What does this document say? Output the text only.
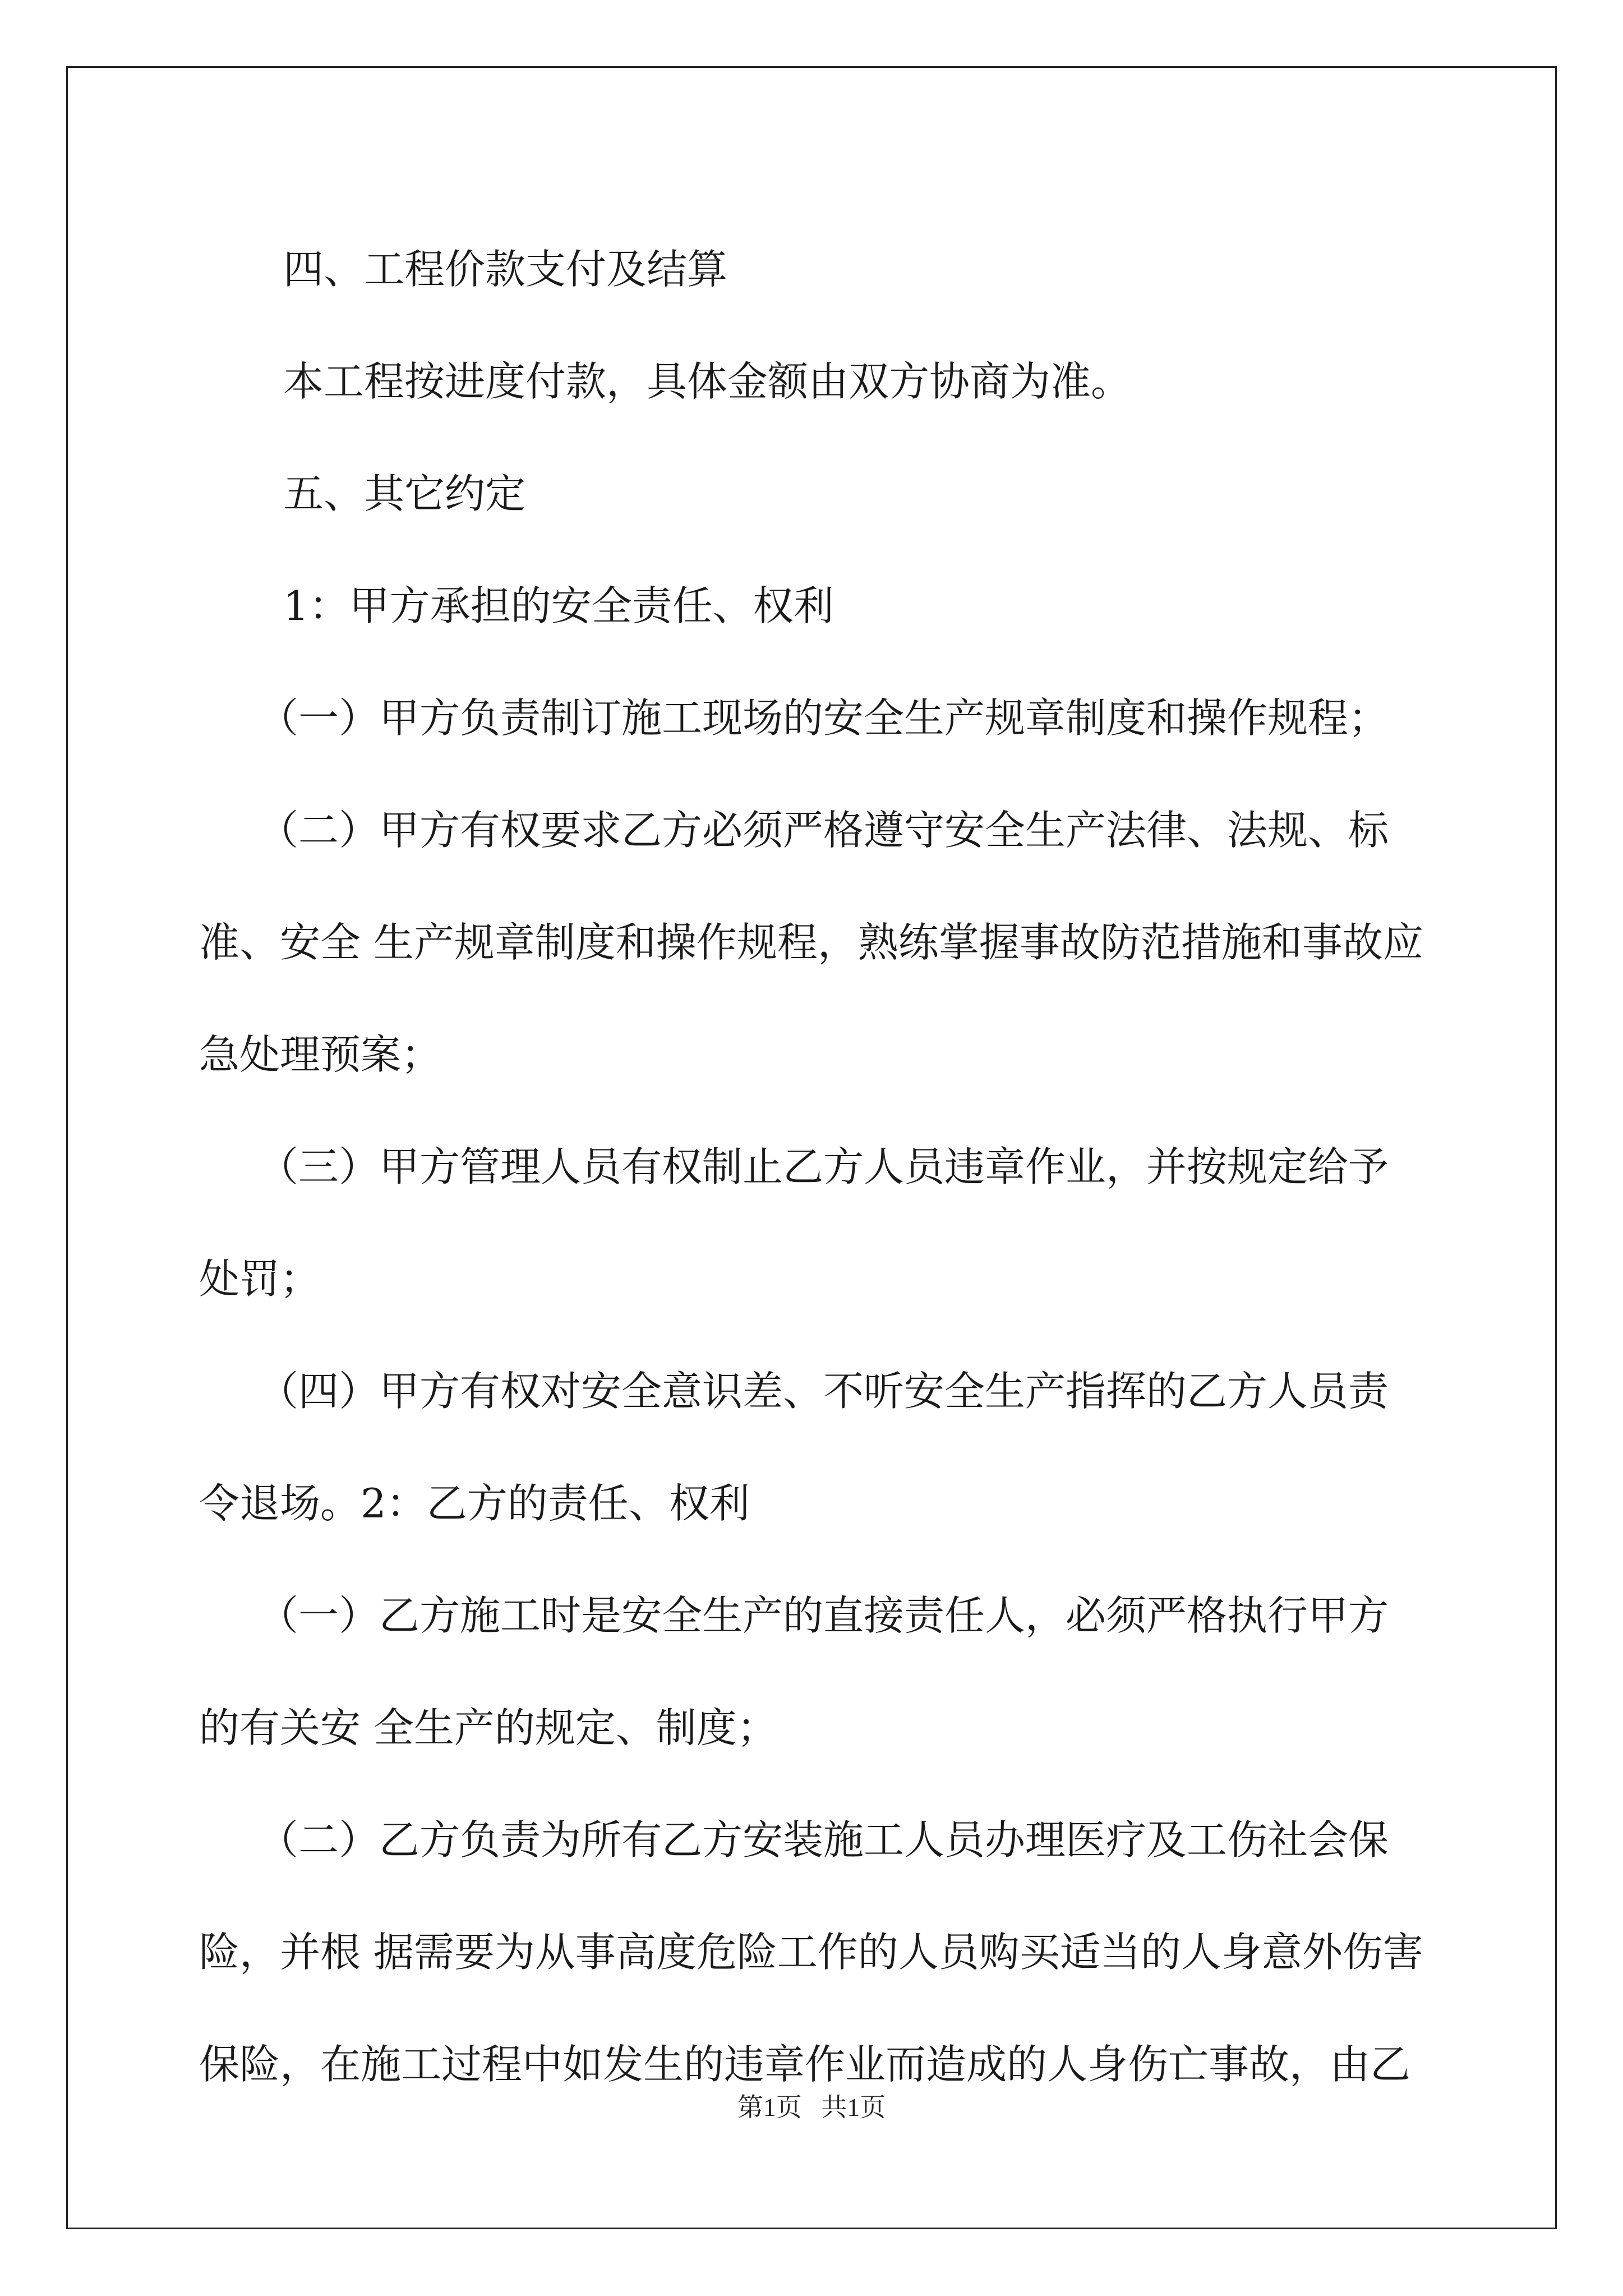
四、工程价款支付及结算

本工程按进度付款，具体金额由双方协商为准。

五、其它约定

1：甲方承担的安全责任、权利

（一）甲方负责制订施工现场的安全生产规章制度和操作规程；

（二）甲方有权要求乙方必须严格遵守安全生产法律、法规、标

准、安全 生产规章制度和操作规程，熟练掌握事故防范措施和事故应

急处理预案；

（三）甲方管理人员有权制止乙方人员违章作业，并按规定给予

处罚；

（四）甲方有权对安全意识差、不听安全生产指挥的乙方人员责

令退场。2：乙方的责任、权利

（一）乙方施工时是安全生产的直接责任人，必须严格执行甲方

的有关安 全生产的规定、制度；

（二）乙方负责为所有乙方安装施工人员办理医疗及工伤社会保

险，并根 据需要为从事高度危险工作的人员购买适当的人身意外伤害

保险，在施工过程中如发生的违章作业而造成的人身伤亡事故，由乙

第1页   共1页
